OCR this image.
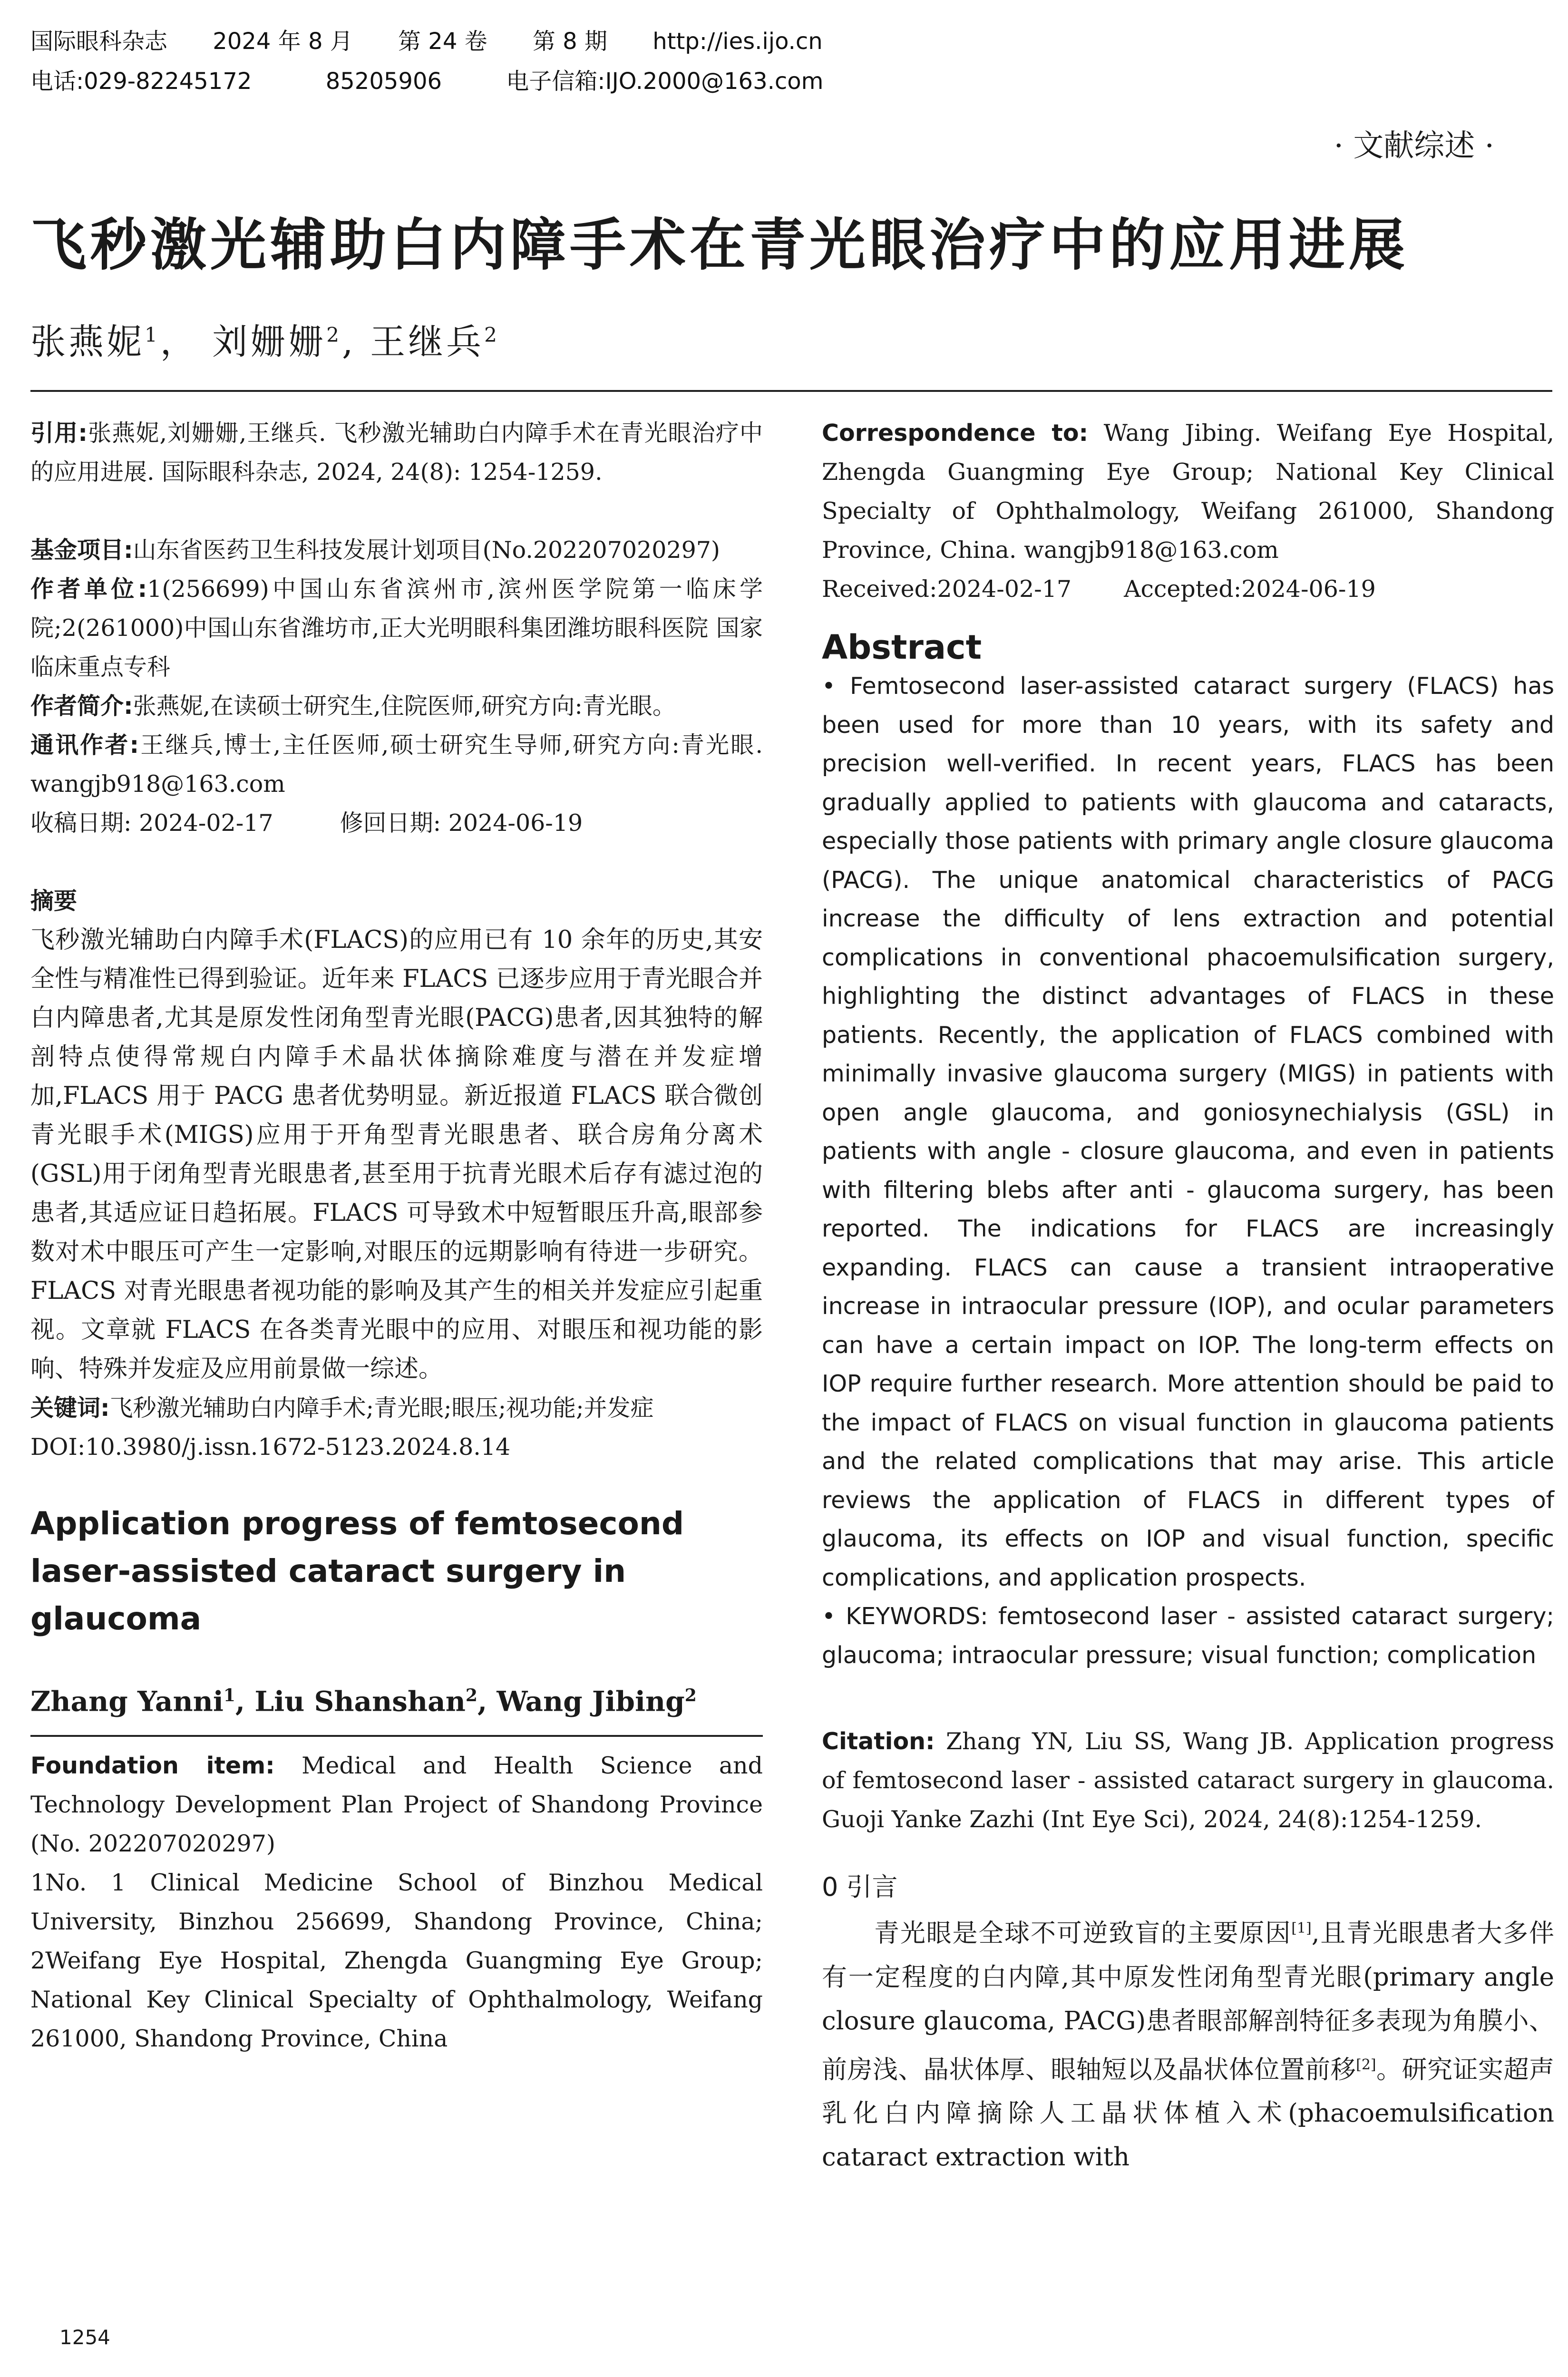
国际眼科杂志 2024 年 8 月 第 24 卷 第 8 期 http://ies.ijo.cn
电话:029-82245172	85205906	电子信箱:IJO.2000@163.com
· 文献综述 ·
飞秒激光辅助白内障手术在青光眼治疗中的应用进展
张燕妮$^1$， 刘姗姗$^2$, 王继兵$^2$

引用:张燕妮,刘姗姗,王继兵. 飞秒激光辅助白内障手术在青光眼治疗中的应用进展. 国际眼科杂志, 2024, 24(8): 1254-1259.

基金项目:山东省医药卫生科技发展计划项目(No.202207020297)

作者单位:1(256699)中国山东省滨州市,滨州医学院第一临床学院;2(261000)中国山东省潍坊市,正大光明眼科集团潍坊眼科医院 国家临床重点专科

作者简介:张燕妮,在读硕士研究生,住院医师,研究方向:青光眼。

通讯作者:王继兵,博士,主任医师,硕士研究生导师,研究方向:青光眼. wangjb918@163.com

收稿日期: 2024-02-17	修回日期: 2024-06-19

摘要

飞秒激光辅助白内障手术(FLACS)的应用已有 10 余年的历史,其安全性与精准性已得到验证。近年来 FLACS 已逐步应用于青光眼合并白内障患者,尤其是原发性闭角型青光眼(PACG)患者,因其独特的解剖特点使得常规白内障手术晶状体摘除难度与潜在并发症增加,FLACS 用于 PACG 患者优势明显。新近报道 FLACS 联合微创青光眼手术(MIGS)应用于开角型青光眼患者、联合房角分离术(GSL)用于闭角型青光眼患者,甚至用于抗青光眼术后存有滤过泡的患者,其适应证日趋拓展。FLACS 可导致术中短暂眼压升高,眼部参数对术中眼压可产生一定影响,对眼压的远期影响有待进一步研究。FLACS 对青光眼患者视功能的影响及其产生的相关并发症应引起重视。文章就 FLACS 在各类青光眼中的应用、对眼压和视功能的影响、特殊并发症及应用前景做一综述。

关键词:飞秒激光辅助白内障手术;青光眼;眼压;视功能;并发症

DOI:10.3980/j.issn.1672-5123.2024.8.14

Application progress of femtosecond laser-assisted cataract surgery in glaucoma

Zhang Yanni$^1$, Liu Shanshan$^2$, Wang Jibing$^2$

Foundation item: Medical and Health Science and Technology Development Plan Project of Shandong Province (No. 202207020297)

1No. 1 Clinical Medicine School of Binzhou Medical University, Binzhou 256699, Shandong Province, China; 2Weifang Eye Hospital, Zhengda Guangming Eye Group; National Key Clinical Specialty of Ophthalmology, Weifang 261000, Shandong Province, China

Correspondence to: Wang Jibing. Weifang Eye Hospital, Zhengda Guangming Eye Group; National Key Clinical Specialty of Ophthalmology, Weifang 261000, Shandong Province, China. wangjb918@163.com

Received:2024-02-17 Accepted:2024-06-19

Abstract

• Femtosecond laser-assisted cataract surgery (FLACS) has been used for more than 10 years, with its safety and precision well-verified. In recent years, FLACS has been gradually applied to patients with glaucoma and cataracts, especially those patients with primary angle closure glaucoma (PACG). The unique anatomical characteristics of PACG increase the difficulty of lens extraction and potential complications in conventional phacoemulsification surgery, highlighting the distinct advantages of FLACS in these patients. Recently, the application of FLACS combined with minimally invasive glaucoma surgery (MIGS) in patients with open angle glaucoma, and goniosynechialysis (GSL) in patients with angle - closure glaucoma, and even in patients with filtering blebs after anti - glaucoma surgery, has been reported. The indications for FLACS are increasingly expanding. FLACS can cause a transient intraoperative increase in intraocular pressure (IOP), and ocular parameters can have a certain impact on IOP. The long-term effects on IOP require further research. More attention should be paid to the impact of FLACS on visual function in glaucoma patients and the related complications that may arise. This article reviews the application of FLACS in different types of glaucoma, its effects on IOP and visual function, specific complications, and application prospects.

• KEYWORDS: femtosecond laser - assisted cataract surgery; glaucoma; intraocular pressure; visual function; complication

Citation: Zhang YN, Liu SS, Wang JB. Application progress of femtosecond laser - assisted cataract surgery in glaucoma. Guoji Yanke Zazhi (Int Eye Sci), 2024, 24(8):1254-1259.

0 引言

青光眼是全球不可逆致盲的主要原因[1],且青光眼患者大多伴有一定程度的白内障,其中原发性闭角型青光眼(primary angle closure glaucoma, PACG)患者眼部解剖特征多表现为角膜小、前房浅、晶状体厚、眼轴短以及晶状体位置前移[2]。研究证实超声乳化白内障摘除人工晶状体植入术(phacoemulsification cataract extraction with

1254
